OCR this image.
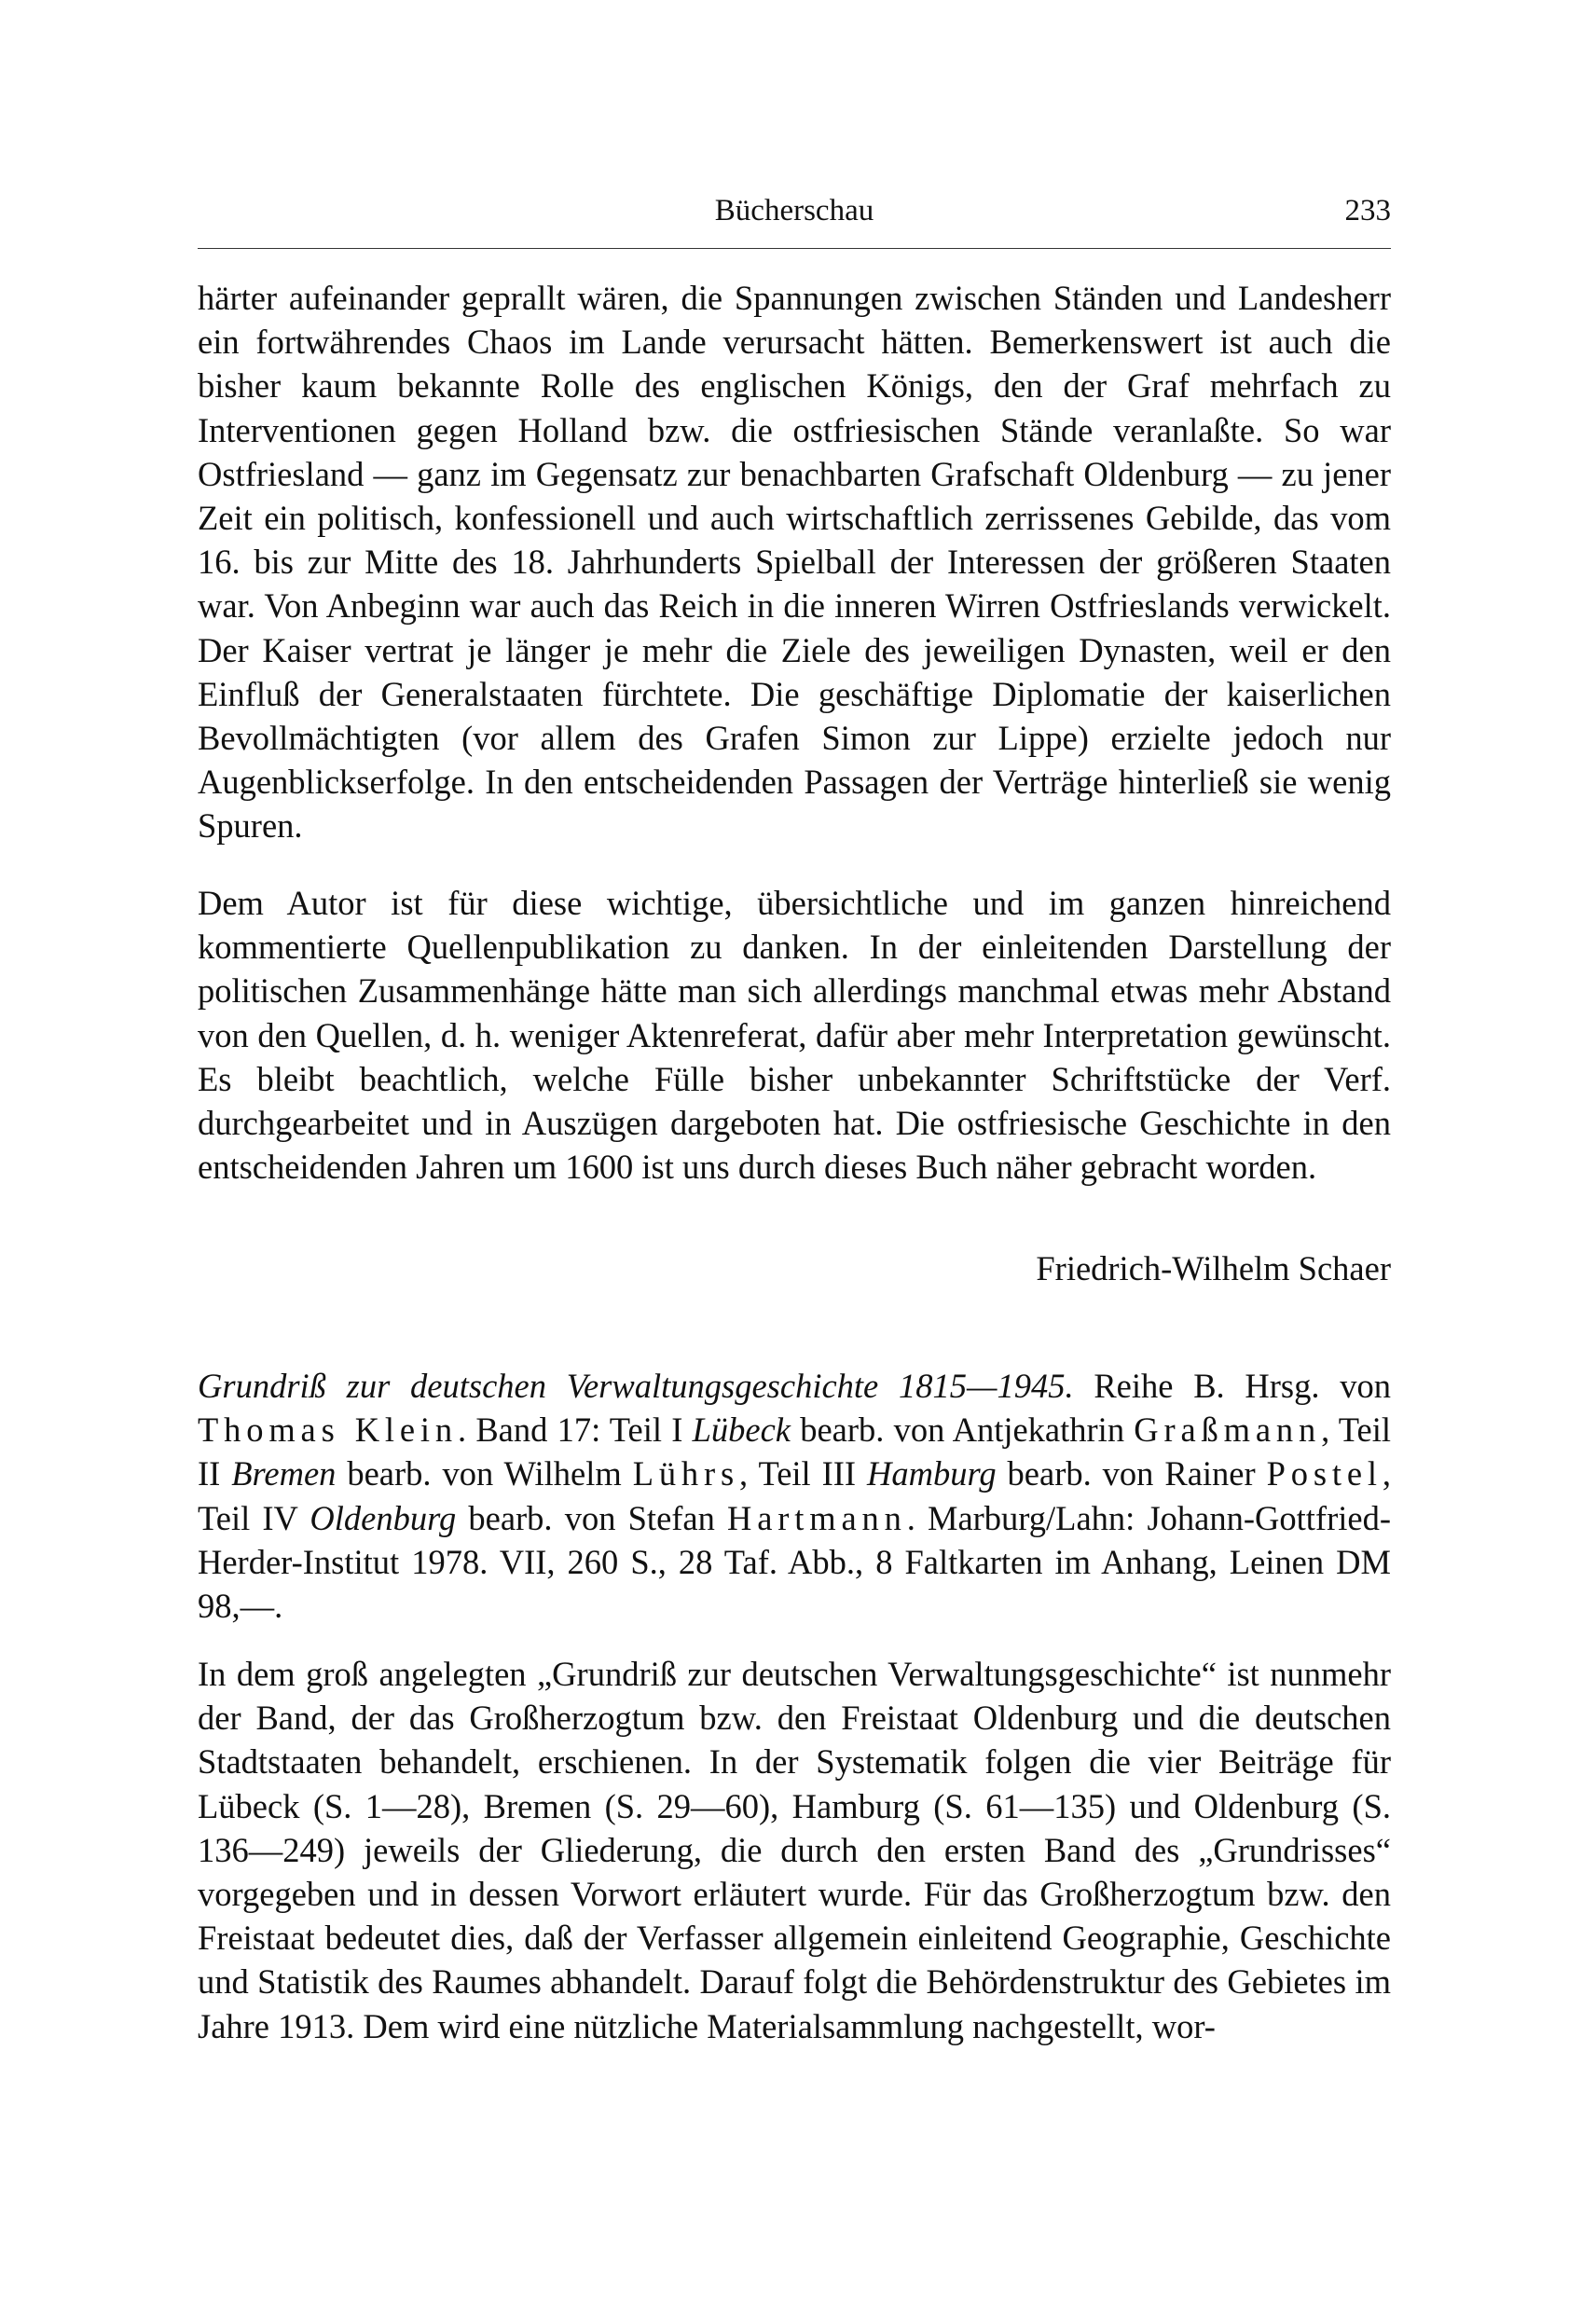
Bücherschau	233

härter aufeinander geprallt wären, die Spannungen zwischen Ständen und Landesherr ein fortwährendes Chaos im Lande verursacht hätten. Bemerkenswert ist auch die bisher kaum bekannte Rolle des englischen Königs, den der Graf mehrfach zu Interventionen gegen Holland bzw. die ostfriesischen Stände veranlaßte. So war Ostfriesland — ganz im Gegensatz zur benachbarten Grafschaft Oldenburg — zu jener Zeit ein politisch, konfessionell und auch wirtschaftlich zerrissenes Gebilde, das vom 16. bis zur Mitte des 18. Jahrhunderts Spielball der Interessen der größeren Staaten war. Von Anbeginn war auch das Reich in die inneren Wirren Ostfrieslands verwickelt. Der Kaiser vertrat je länger je mehr die Ziele des jeweiligen Dynasten, weil er den Einfluß der Generalstaaten fürchtete. Die geschäftige Diplomatie der kaiserlichen Bevollmächtigten (vor allem des Grafen Simon zur Lippe) erzielte jedoch nur Augenblickserfolge. In den entscheidenden Passagen der Verträge hinterließ sie wenig Spuren.

Dem Autor ist für diese wichtige, übersichtliche und im ganzen hinreichend kommentierte Quellenpublikation zu danken. In der einleitenden Darstellung der politischen Zusammenhänge hätte man sich allerdings manchmal etwas mehr Abstand von den Quellen, d. h. weniger Aktenreferat, dafür aber mehr Interpretation gewünscht. Es bleibt beachtlich, welche Fülle bisher unbekannter Schriftstücke der Verf. durchgearbeitet und in Auszügen dargeboten hat. Die ostfriesische Geschichte in den entscheidenden Jahren um 1600 ist uns durch dieses Buch näher gebracht worden.

Friedrich-Wilhelm Schaer

Grundriß zur deutschen Verwaltungsgeschichte 1815—1945. Reihe B. Hrsg. von Thomas Klein. Band 17: Teil I Lübeck bearb. von Antjekathrin Graßmann, Teil II Bremen bearb. von Wilhelm Lührs, Teil III Hamburg bearb. von Rainer Postel, Teil IV Oldenburg bearb. von Stefan Hartmann. Marburg/Lahn: Johann-Gottfried-Herder-Institut 1978. VII, 260 S., 28 Taf. Abb., 8 Faltkarten im Anhang, Leinen DM 98,—.

In dem groß angelegten „Grundriß zur deutschen Verwaltungsgeschichte“ ist nunmehr der Band, der das Großherzogtum bzw. den Freistaat Oldenburg und die deutschen Stadtstaaten behandelt, erschienen. In der Systematik folgen die vier Beiträge für Lübeck (S. 1—28), Bremen (S. 29—60), Hamburg (S. 61—135) und Oldenburg (S. 136—249) jeweils der Gliederung, die durch den ersten Band des „Grundrisses“ vorgegeben und in dessen Vorwort erläutert wurde. Für das Großherzogtum bzw. den Freistaat bedeutet dies, daß der Verfasser allgemein einleitend Geographie, Geschichte und Statistik des Raumes abhandelt. Darauf folgt die Behördenstruktur des Gebietes im Jahre 1913. Dem wird eine nützliche Materialsammlung nachgestellt, wor-
